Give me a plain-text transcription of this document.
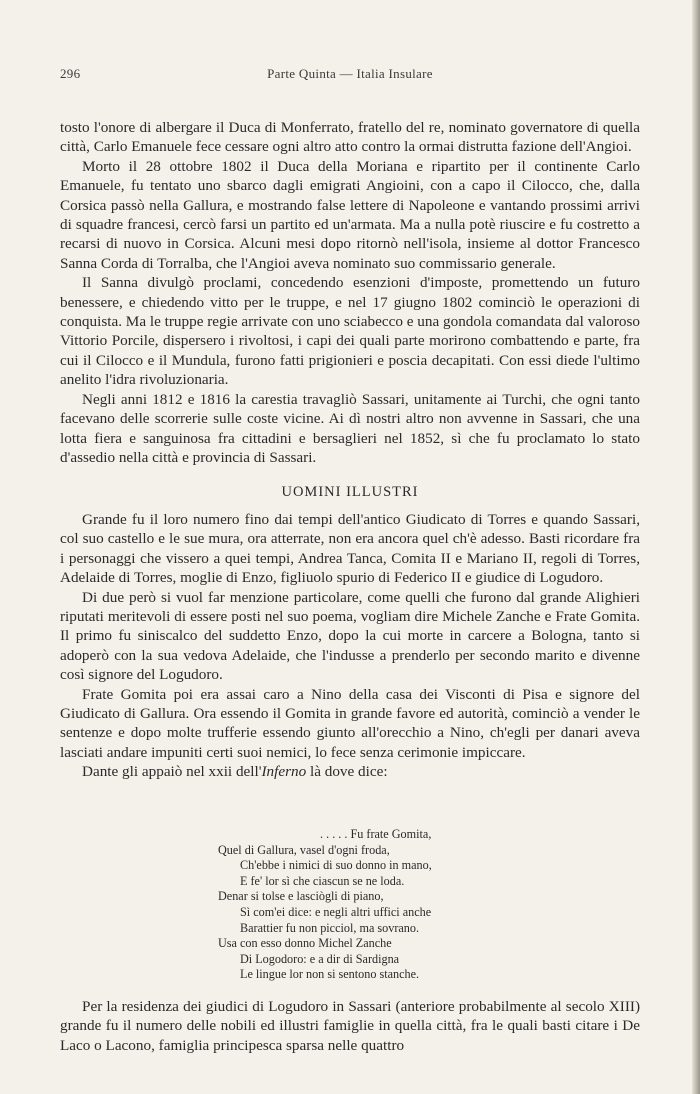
296	Parte Quinta — Italia Insulare

tosto l'onore di albergare il Duca di Monferrato, fratello del re, nominato governatore di quella città, Carlo Emanuele fece cessare ogni altro atto contro la ormai distrutta fazione dell'Angioi.

Morto il 28 ottobre 1802 il Duca della Moriana e ripartito per il continente Carlo Emanuele, fu tentato uno sbarco dagli emigrati Angioini, con a capo il Cilocco, che, dalla Corsica passò nella Gallura, e mostrando false lettere di Napoleone e vantando prossimi arrivi di squadre francesi, cercò farsi un partito ed un'armata. Ma a nulla potè riuscire e fu costretto a recarsi di nuovo in Corsica. Alcuni mesi dopo ritornò nell'isola, insieme al dottor Francesco Sanna Corda di Torralba, che l'Angioi aveva nominato suo commissario generale.

Il Sanna divulgò proclami, concedendo esenzioni d'imposte, promettendo un futuro benessere, e chiedendo vitto per le truppe, e nel 17 giugno 1802 cominciò le operazioni di conquista. Ma le truppe regie arrivate con uno sciabecco e una gondola comandata dal valoroso Vittorio Porcile, dispersero i rivoltosi, i capi dei quali parte morirono combattendo e parte, fra cui il Cilocco e il Mundula, furono fatti prigionieri e poscia decapitati. Con essi diede l'ultimo anelito l'idra rivoluzionaria.

Negli anni 1812 e 1816 la carestia travagliò Sassari, unitamente ai Turchi, che ogni tanto facevano delle scorrerie sulle coste vicine. Ai dì nostri altro non avvenne in Sassari, che una lotta fiera e sanguinosa fra cittadini e bersaglieri nel 1852, sì che fu proclamato lo stato d'assedio nella città e provincia di Sassari.

UOMINI ILLUSTRI

Grande fu il loro numero fino dai tempi dell'antico Giudicato di Torres e quando Sassari, col suo castello e le sue mura, ora atterrate, non era ancora quel ch'è adesso. Basti ricordare fra i personaggi che vissero a quei tempi, Andrea Tanca, Comita II e Mariano II, regoli di Torres, Adelaide di Torres, moglie di Enzo, figliuolo spurio di Federico II e giudice di Logudoro.

Di due però si vuol far menzione particolare, come quelli che furono dal grande Alighieri riputati meritevoli di essere posti nel suo poema, vogliam dire Michele Zanche e Frate Gomita. Il primo fu siniscalco del suddetto Enzo, dopo la cui morte in carcere a Bologna, tanto si adoperò con la sua vedova Adelaide, che l'indusse a prenderlo per secondo marito e divenne così signore del Logudoro.

Frate Gomita poi era assai caro a Nino della casa dei Visconti di Pisa e signore del Giudicato di Gallura. Ora essendo il Gomita in grande favore ed autorità, cominciò a vender le sentenze e dopo molte trufferie essendo giunto all'orecchio a Nino, ch'egli per danari aveva lasciati andare impuniti certi suoi nemici, lo fece senza cerimonie impiccare.

Dante gli appaiò nel xxii dell'Inferno là dove dice:

. . . . . Fu frate Gomita,
Quel di Gallura, vasel d'ogni froda,
Ch'ebbe i nimici di suo donno in mano,
E fe' lor sì che ciascun se ne loda.
Denar si tolse e lasciògli di piano,
Sì com'ei dice: e negli altri uffici anche
Barattier fu non picciol, ma sovrano.
Usa con esso donno Michel Zanche
Di Logodoro: e a dir di Sardigna
Le lingue lor non si sentono stanche.

Per la residenza dei giudici di Logudoro in Sassari (anteriore probabilmente al secolo XIII) grande fu il numero delle nobili ed illustri famiglie in quella città, fra le quali basti citare i De Laco o Lacono, famiglia principesca sparsa nelle quattro
